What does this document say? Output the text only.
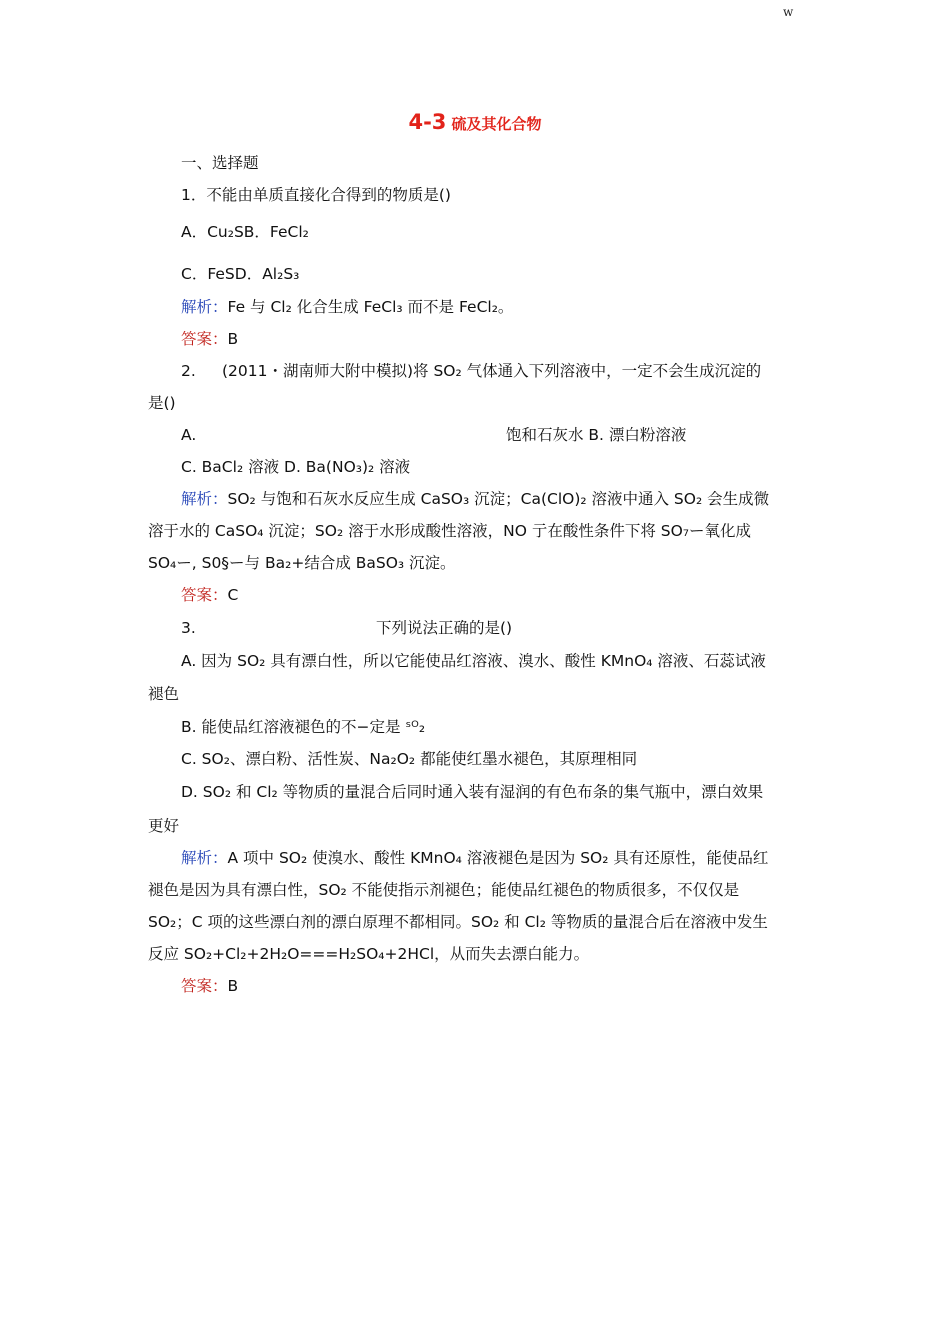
w
4-3 硫及其化合物
一、选择题
1．不能由单质直接化合得到的物质是()
A．Cu₂SB．FeCl₂
C．FeSD．Al₂S₃
解析：Fe 与 Cl₂ 化合生成 FeCl₃ 而不是 FeCl₂。
答案：B
2. (2011・湖南师大附中模拟)将 SO₂ 气体通入下列溶液中，一定不会生成沉淀的
是()
A.	饱和石灰水 B. 漂白粉溶液
C. BaCl₂ 溶液 D. Ba(NO₃)₂ 溶液
解析：SO₂ 与饱和石灰水反应生成 CaSO₃ 沉淀；Ca(ClO)₂ 溶液中通入 SO₂ 会生成微
溶于水的 CaSO₄ 沉淀；SO₂ 溶于水形成酸性溶液，NO 亍在酸性条件下将 SO₇ー氧化成
SO₄ー, S0§ー与 Ba₂+结合成 BaSO₃ 沉淀。
答案：C
3.	下列说法正确的是()
A. 因为 SO₂ 具有漂白性，所以它能使品红溶液、溴水、酸性 KMnO₄ 溶液、石蕊试液
褪色
B. 能使品红溶液褪色的不−定是 ˢᴼ₂
C. SO₂、漂白粉、活性炭、Na₂O₂ 都能使红墨水褪色，其原理相同
D. SO₂ 和 Cl₂ 等物质的量混合后同时通入装有湿润的有色布条的集气瓶中，漂白效果
更好
解析：A 项中 SO₂ 使溴水、酸性 KMnO₄ 溶液褪色是因为 SO₂ 具有还原性，能使品红
褪色是因为具有漂白性，SO₂ 不能使指示剂褪色；能使品红褪色的物质很多，不仅仅是
SO₂；C 项的这些漂白剂的漂白原理不都相同。SO₂ 和 Cl₂ 等物质的量混合后在溶液中发生
反应 SO₂+Cl₂+2H₂O===H₂SO₄+2HCl，从而失去漂白能力。
答案：B
